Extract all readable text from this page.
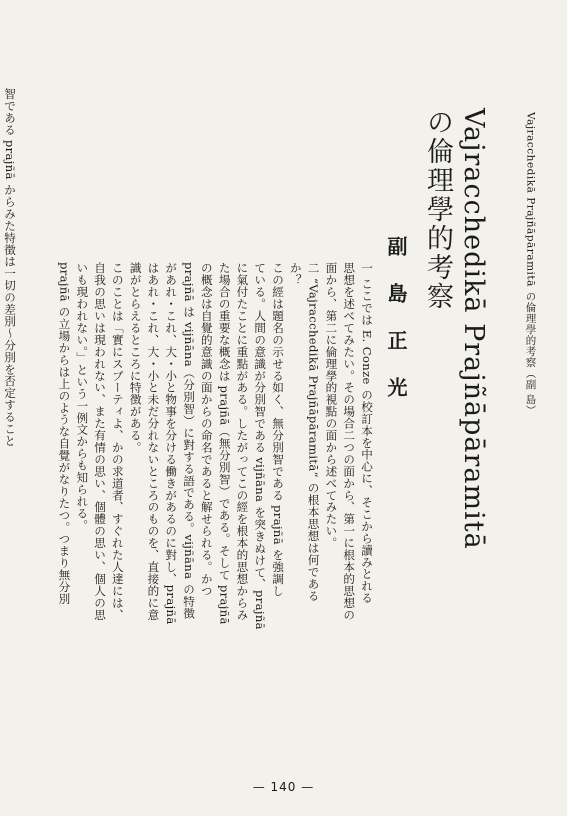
Vajracchedikā Prajñāpāramitā の倫理學的考察（副 島）
Vajracchedikā Prajñāpāramitā
の倫理學的考察
副 島 正 光
— 140 —
一 ここでは E. Conze の校訂本を中心に、そこから讀みとれる
思想を述べてみたい。その場合二つの面から、第一に根本的思想の
面から、第二に倫理學的視點の面から述べてみたい。
二 “Vajracchedikā Prajñāpāramitā” の根本思想は何である
か？
この經は題名の示せる如く、無分別智である prajñā を強調し
ている。人間の意識が分別智である vijñāna を突きぬけて、prajñā
に氣付たことに重點がある。したがってこの經を根本的思想からみ
た場合の重要な概念は prajñā（無分別智）である。そして prajñā
の概念は自覺的意識の面からの命名であると解せられる。かつ
prajñā は vijñāna（分別智）に對する語である。vijñāna の特徴
があれ・これ、大・小と物事を分ける働きがあるのに對し、prajñā
はあれ・これ、大・小と未だ分れないところのものを、直接的に意
識がとらえるところに特徴がある。
このことは「實にスブーティよ、かの求道者、すぐれた人達には、
自我の思いは現われない、また有情の思い、個體の思い、個人の思
いも現われない。」という一例文からも知られる。
prajñā の立場からは上のような自覺がなりたつ。つまり無分別
智である prajñā からみた特徴は一切の差別～分別を否定すること
